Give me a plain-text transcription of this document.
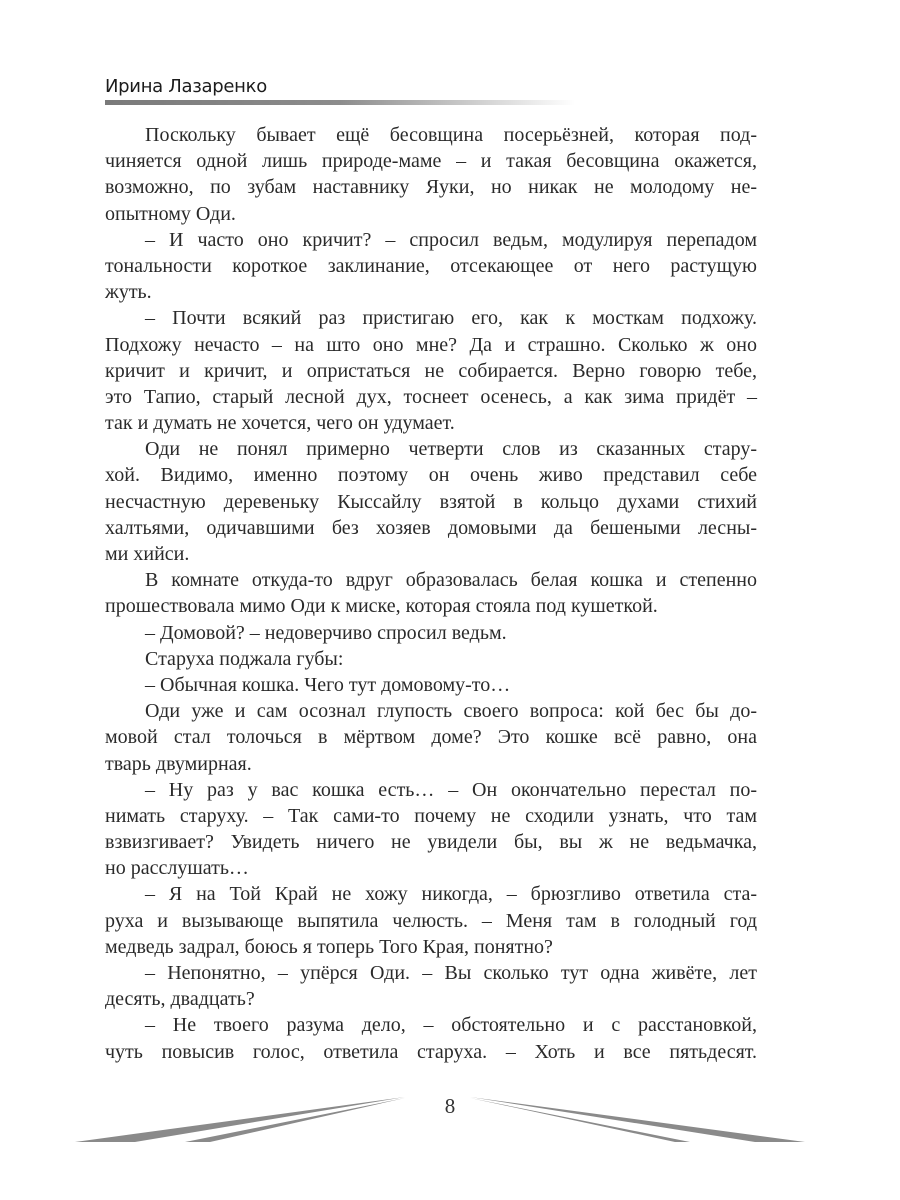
Ирина Лазаренко
Поскольку бывает ещё бесовщина посерьёзней, которая под-
чиняется одной лишь природе-маме – и такая бесовщина окажется,
возможно, по зубам наставнику Яуки, но никак не молодому не-
опытному Оди.
– И часто оно кричит? – спросил ведьм, модулируя перепадом
тональности короткое заклинание, отсекающее от него растущую
жуть.
– Почти всякий раз пристигаю его, как к мосткам подхожу.
Подхожу нечасто – на што оно мне? Да и страшно. Сколько ж оно
кричит и кричит, и опристаться не собирается. Верно говорю тебе,
это Тапио, старый лесной дух, тоснеет осенесь, а как зима придёт –
так и думать не хочется, чего он удумает.
Оди не понял примерно четверти слов из сказанных стару-
хой. Видимо, именно поэтому он очень живо представил себе
несчастную деревеньку Кыссайлу взятой в кольцо духами стихий
халтьями, одичавшими без хозяев домовыми да бешеными лесны-
ми хийси.
В комнате откуда-то вдруг образовалась белая кошка и степенно
прошествовала мимо Оди к миске, которая стояла под кушеткой.
– Домовой? – недоверчиво спросил ведьм.
Старуха поджала губы:
– Обычная кошка. Чего тут домовому-то…
Оди уже и сам осознал глупость своего вопроса: кой бес бы до-
мовой стал толочься в мёртвом доме? Это кошке всё равно, она
тварь двумирная.
– Ну раз у вас кошка есть… – Он окончательно перестал по-
нимать старуху. – Так сами-то почему не сходили узнать, что там
взвизгивает? Увидеть ничего не увидели бы, вы ж не ведьмачка,
но расслушать…
– Я на Той Край не хожу никогда, – брюзгливо ответила ста-
руха и вызывающе выпятила челюсть. – Меня там в голодный год
медведь задрал, боюсь я топерь Того Края, понятно?
– Непонятно, – упёрся Оди. – Вы сколько тут одна живёте, лет
десять, двадцать?
– Не твоего разума дело, – обстоятельно и с расстановкой,
чуть повысив голос, ответила старуха. – Хоть и все пятьдесят.
8
